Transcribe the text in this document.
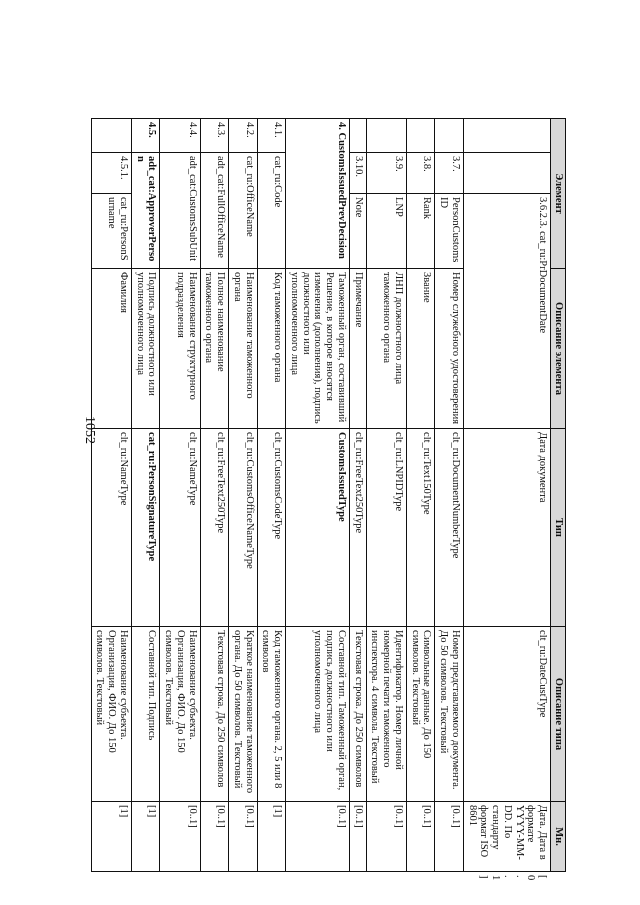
1052
Элемент			Описание элемента	Тип	Описание типа	Мн.	
		3.6.2.3. cat_ru:PrDocumentDate		Дата документа	clt_ru:DateCustType	Дата. Дата в формате YYYY-MM-DD. По стандарту формат ISO 8601	[0..1]
	3.7.	PersonCustomsID	Номер служебного удостоверения	clt_ru:DocumentNumberType	Номер представляемого документа. До 50 символов. Текстовый	[0..1]	
	3.8.	Rank	Звание	clt_ru:Text150Type	Символьные данные. До 150 символов. Текстовый	[0..1]	
	3.9.	LNP	ЛНП должностного лица таможенного органа	clt_ru:LNPIDType	Идентификатор. Номер личной номерной печати таможенного инспектора. 4 символа. Текстовый	[0..1]	
	3.10.	Note	Примечание	clt_ru:FreeText250Type	Текстовая строка. До 250 символов	[0..1]	
4. CustomsIssuedPrevDecision			Таможенный орган, составивший Решение, в которое вносятся изменения (дополнения), подпись должностного или уполномоченного лица	CustomsIssuedType	Составной тип. Таможенный орган, подпись должностного или уполномоченного лица	[0..1]	
4.1.	cat_ru:Code		Код таможенного органа	clt_ru:CustomsCodeType	Код таможенного органа. 2, 5 или 8 символов	[1]	
4.2.	cat_ru:OfficeName		Наименование таможенного органа	clt_ru:CustomsOfficeNameType	Краткое наименование таможенного органа. До 50 символов. Текстовый	[0..1]	
4.3.	adt_cat:FullOfficeName		Полное наименование таможенного органа	clt_ru:FreeText250Type	Текстовая строка. До 250 символов	[0..1]	
4.4.	adt_cat:CustomsSubUnit		Наименование структурного подразделения	clt_ru:NameType	Наименование субъекта. Организация, ФИО. До 150 символов. Текстовый	[0..1]	
4.5.	adt_cat:ApproverPerson		Подпись должностного или уполномоченного лица	cat_ru:PersonSignatureType	Составной тип. Подпись	[1]	
	4.5.1.	cat_ru:PersonSurname	Фамилия	clt_ru:NameType	Наименование субъекта. Организация, ФИО. До 150 символов. Текстовый	[1]	
